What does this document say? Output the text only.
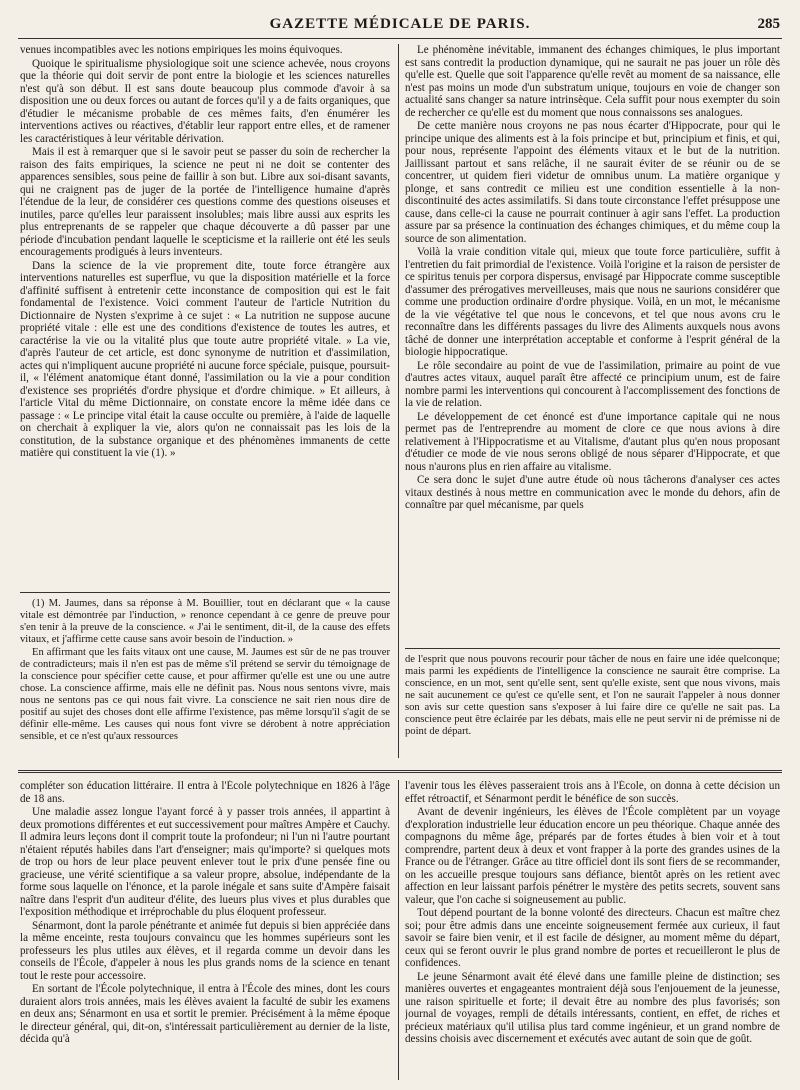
GAZETTE MÉDICALE DE PARIS.	285

venues incompatibles avec les notions empiriques les moins équivoques.

Quoique le spiritualisme physiologique soit une science achevée, nous croyons que la théorie qui doit servir de pont entre la biologie et les sciences naturelles n'est qu'à son début. Il est sans doute beaucoup plus commode d'avoir à sa disposition une ou deux forces ou autant de forces qu'il y a de faits organiques, que d'étudier le mécanisme probable de ces mêmes faits, d'en énumérer les interventions actives ou réactives, d'établir leur rapport entre elles, et de ramener les caractéristiques à leur véritable dérivation.

Mais il est à remarquer que si le savoir peut se passer du soin de rechercher la raison des faits empiriques, la science ne peut ni ne doit se contenter des apparences sensibles, sous peine de faillir à son but. Libre aux soi-disant savants, qui ne craignent pas de juger de la portée de l'intelligence humaine d'après l'étendue de la leur, de considérer ces questions comme des questions oiseuses et inutiles, parce qu'elles leur paraissent insolubles; mais libre aussi aux esprits les plus entreprenants de se rappeler que chaque découverte a dû passer par une période d'incubation pendant laquelle le scepticisme et la raillerie ont été les seuls encouragements prodigués à leurs inventeurs.

Dans la science de la vie proprement dite, toute force étrangère aux interventions naturelles est superflue, vu que la disposition matérielle et la force d'affinité suffisent à entretenir cette inconstance de composition qui est le fait fondamental de l'existence. Voici comment l'auteur de l'article Nutrition du Dictionnaire de Nysten s'exprime à ce sujet : « La nutrition ne suppose aucune propriété vitale : elle est une des conditions d'existence de toutes les autres, et caractérise la vie ou la vitalité plus que toute autre propriété vitale. » La vie, d'après l'auteur de cet article, est donc synonyme de nutrition et d'assimilation, actes qui n'impliquent aucune propriété ni aucune force spéciale, puisque, poursuit-il, « l'élément anatomique étant donné, l'assimilation ou la vie a pour condition d'existence ses propriétés d'ordre physique et d'ordre chimique. » Et ailleurs, à l'article Vital du même Dictionnaire, on constate encore la même idée dans ce passage : « Le principe vital était la cause occulte ou première, à l'aide de laquelle on cherchait à expliquer la vie, alors qu'on ne connaissait pas les lois de la constitution, de la substance organique et des phénomènes immanents de cette matière qui constituent la vie (1). »

(1) M. Jaumes, dans sa réponse à M. Bouillier, tout en déclarant que « la cause vitale est démontrée par l'induction, » renonce cependant à ce genre de preuve pour s'en tenir à la preuve de la conscience. « J'ai le sentiment, dit-il, de la cause des effets vitaux, et j'affirme cette cause sans avoir besoin de l'induction. »

En affirmant que les faits vitaux ont une cause, M. Jaumes est sûr de ne pas trouver de contradicteurs; mais il n'en est pas de même s'il prétend se servir du témoignage de la conscience pour spécifier cette cause, et pour affirmer qu'elle est une ou une autre chose. La conscience affirme, mais elle ne définit pas. Nous nous sentons vivre, mais nous ne sentons pas ce qui nous fait vivre. La conscience ne sait rien nous dire de positif au sujet des choses dont elle affirme l'existence, pas même lorsqu'il s'agit de se définir elle-même. Les causes qui nous font vivre se dérobent à notre appréciation sensible, et ce n'est qu'aux ressources

Le phénomène inévitable, immanent des échanges chimiques, le plus important est sans contredit la production dynamique, qui ne saurait ne pas jouer un rôle dès qu'elle est. Quelle que soit l'apparence qu'elle revêt au moment de sa naissance, elle n'est pas moins un mode d'un substratum unique, toujours en voie de changer son actualité sans changer sa nature intrinsèque. Cela suffit pour nous exempter du soin de rechercher ce qu'elle est du moment que nous connaissons ses analogues.

De cette manière nous croyons ne pas nous écarter d'Hippocrate, pour qui le principe unique des aliments est à la fois principe et but, principium et finis, et qui, pour nous, représente l'appoint des éléments vitaux et le but de la nutrition. Jaillissant partout et sans relâche, il ne saurait éviter de se réunir ou de se concentrer, ut quidem fieri videtur de omnibus unum. La matière organique y plonge, et sans contredit ce milieu est une condition essentielle à la non-discontinuité des actes assimilatifs. Si dans toute circonstance l'effet présuppose une cause, dans celle-ci la cause ne pourrait continuer à agir sans l'effet. La production assure par sa présence la continuation des échanges chimiques, et du même coup la source de son alimentation.

Voilà la vraie condition vitale qui, mieux que toute force particulière, suffit à l'entretien du fait primordial de l'existence. Voilà l'origine et la raison de persister de ce spiritus tenuis per corpora dispersus, envisagé par Hippocrate comme susceptible d'assumer des prérogatives merveilleuses, mais que nous ne saurions considérer que comme une production ordinaire d'ordre physique. Voilà, en un mot, le mécanisme de la vie végétative tel que nous le concevons, et tel que nous avons cru le reconnaître dans les différents passages du livre des Aliments auxquels nous avons tâché de donner une interprétation acceptable et conforme à l'esprit général de la biologie hippocratique.

Le rôle secondaire au point de vue de l'assimilation, primaire au point de vue d'autres actes vitaux, auquel paraît être affecté ce principium unum, est de faire nombre parmi les interventions qui concourent à l'accomplissement des fonctions de la vie de relation.

Le développement de cet énoncé est d'une importance capitale qui ne nous permet pas de l'entreprendre au moment de clore ce que nous avions à dire relativement à l'Hippocratisme et au Vitalisme, d'autant plus qu'en nous proposant d'étudier ce mode de vie nous serons obligé de nous séparer d'Hippocrate, et que nous n'aurons plus en rien affaire au vitalisme.

Ce sera donc le sujet d'une autre étude où nous tâcherons d'analyser ces actes vitaux destinés à nous mettre en communication avec le monde du dehors, afin de connaître par quel mécanisme, par quels

de l'esprit que nous pouvons recourir pour tâcher de nous en faire une idée quelconque; mais parmi les expédients de l'intelligence la conscience ne saurait être comprise. La conscience, en un mot, sent qu'elle sent, sent qu'elle existe, sent que nous vivons, mais ne sait aucunement ce qu'est ce qu'elle sent, et l'on ne saurait l'appeler à nous donner son avis sur cette question sans s'exposer à lui faire dire ce qu'elle ne sait pas. La conscience peut être éclairée par les débats, mais elle ne peut servir ni de prémisse ni de point de départ.

compléter son éducation littéraire. Il entra à l'École polytechnique en 1826 à l'âge de 18 ans.

Une maladie assez longue l'ayant forcé à y passer trois années, il appartint à deux promotions différentes et eut successivement pour maîtres Ampère et Cauchy. Il admira leurs leçons dont il comprit toute la profondeur; ni l'un ni l'autre pourtant n'étaient réputés habiles dans l'art d'enseigner; mais qu'importe? si quelques mots de trop ou hors de leur place peuvent enlever tout le prix d'une pensée fine ou gracieuse, une vérité scientifique a sa valeur propre, absolue, indépendante de la forme sous laquelle on l'énonce, et la parole inégale et sans suite d'Ampère faisait naître dans l'esprit d'un auditeur d'élite, des lueurs plus vives et plus durables que l'exposition méthodique et irréprochable du plus éloquent professeur.

Sénarmont, dont la parole pénétrante et animée fut depuis si bien appréciée dans la même enceinte, resta toujours convaincu que les hommes supérieurs sont les professeurs les plus utiles aux élèves, et il regarda comme un devoir dans les conseils de l'École, d'appeler à nous les plus grands noms de la science en tenant tout le reste pour accessoire.

En sortant de l'École polytechnique, il entra à l'École des mines, dont les cours duraient alors trois années, mais les élèves avaient la faculté de subir les examens en deux ans; Sénarmont en usa et sortit le premier. Précisément à la même époque le directeur général, qui, dit-on, s'intéressait particulièrement au dernier de la liste, décida qu'à

l'avenir tous les élèves passeraient trois ans à l'École, on donna à cette décision un effet rétroactif, et Sénarmont perdit le bénéfice de son succès.

Avant de devenir ingénieurs, les élèves de l'École complètent par un voyage d'exploration industrielle leur éducation encore un peu théorique. Chaque année des compagnons du même âge, préparés par de fortes études à bien voir et à tout comprendre, partent deux à deux et vont frapper à la porte des grandes usines de la France ou de l'étranger. Grâce au titre officiel dont ils sont fiers de se recommander, on les accueille presque toujours sans défiance, bientôt après on les retient avec affection en leur laissant parfois pénétrer le mystère des petits secrets, souvent sans valeur, que l'on cache si soigneusement au public.

Tout dépend pourtant de la bonne volonté des directeurs. Chacun est maître chez soi; pour être admis dans une enceinte soigneusement fermée aux curieux, il faut savoir se faire bien venir, et il est facile de désigner, au moment même du départ, ceux qui se feront ouvrir le plus grand nombre de portes et recueilleront le plus de confidences.

Le jeune Sénarmont avait été élevé dans une famille pleine de distinction; ses manières ouvertes et engageantes montraient déjà sous l'enjouement de la jeunesse, une raison spirituelle et forte; il devait être au nombre des plus favorisés; son journal de voyages, rempli de détails intéressants, contient, en effet, de riches et précieux matériaux qu'il utilisa plus tard comme ingénieur, et un grand nombre de dessins choisis avec discernement et exécutés avec autant de soin que de goût.
